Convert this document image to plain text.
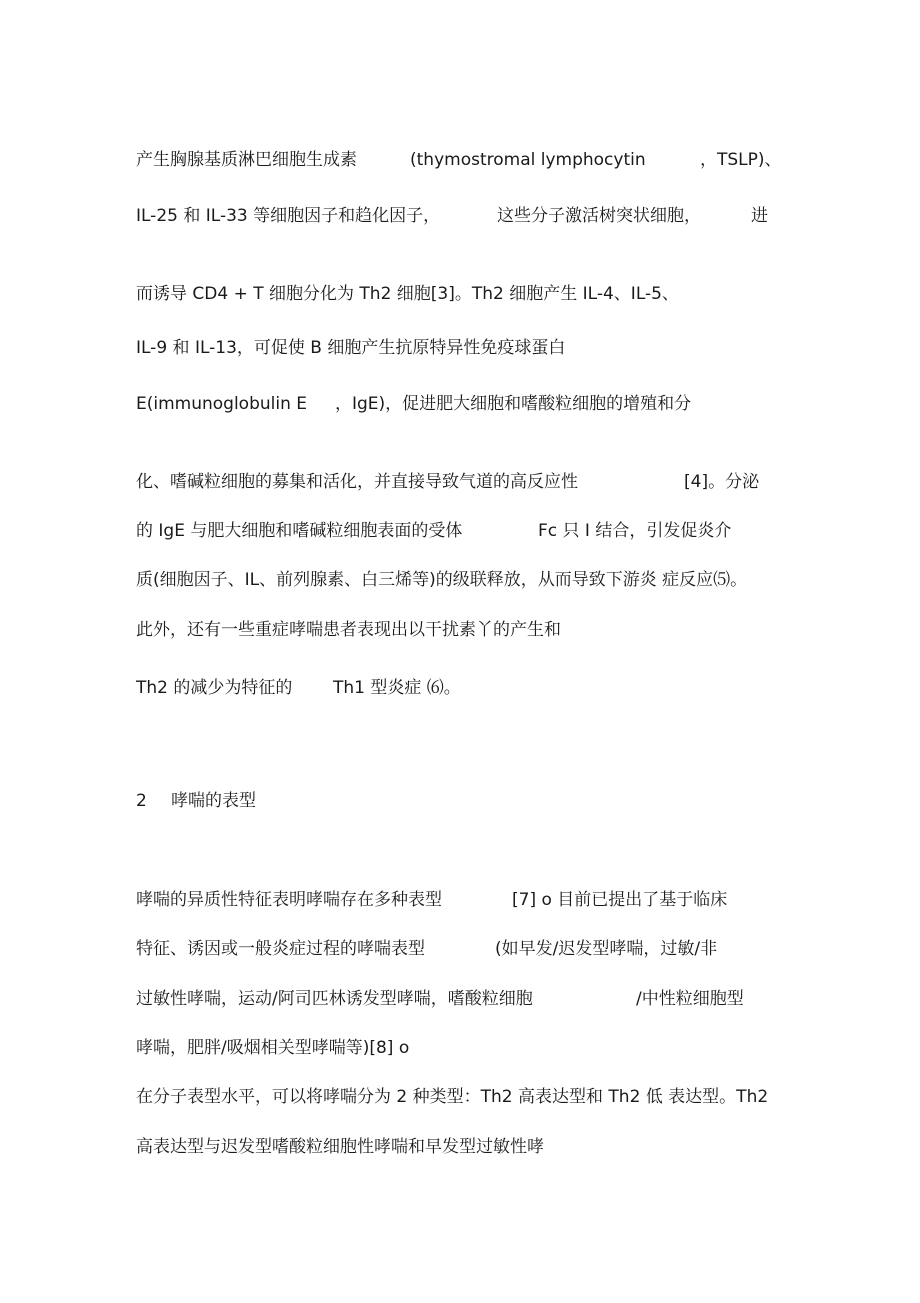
产生胸腺基质淋巴细胞生成素	(thymostromal lymphocytin	，TSLP)、
IL-25 和 IL-33 等细胞因子和趋化因子，	这些分子激活树突状细胞，	进
而诱导 CD4 + T 细胞分化为 Th2 细胞[3]。Th2 细胞产生 IL-4、IL-5、
IL-9 和 IL-13，可促使 B 细胞产生抗原特异性免疫球蛋白
E(immunoglobulin E ，IgE)，促进肥大细胞和嗜酸粒细胞的增殖和分
化、嗜碱粒细胞的募集和活化，并直接导致气道的高反应性	[4]。分泌
的 IgE 与肥大细胞和嗜碱粒细胞表面的受体	Fc 只 I 结合，引发促炎介
质(细胞因子、IL、前列腺素、白三烯等)的级联释放，从而导致下游炎 症反应⑸。
此外，还有一些重症哮喘患者表现出以干扰素丫的产生和
Th2 的减少为特征的 Th1 型炎症 ⑹。
2 哮喘的表型
哮喘的异质性特征表明哮喘存在多种表型	[7] o 目前已提出了基于临床
特征、诱因或一般炎症过程的哮喘表型	(如早发/迟发型哮喘，过敏/非
过敏性哮喘，运动/阿司匹林诱发型哮喘，嗜酸粒细胞	/中性粒细胞型
哮喘，肥胖/吸烟相关型哮喘等)[8] o
在分子表型水平，可以将哮喘分为 2 种类型：Th2 高表达型和 Th2 低 表达型。Th2
高表达型与迟发型嗜酸粒细胞性哮喘和早发型过敏性哮
